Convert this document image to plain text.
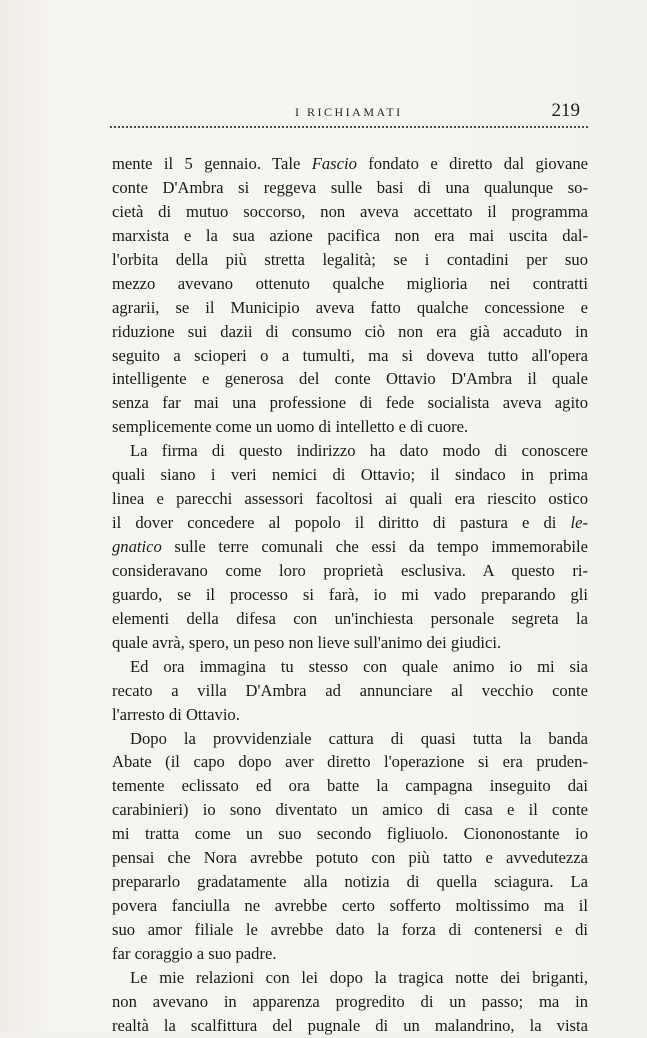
I RICHIAMATI	219
mente il 5 gennaio. Tale Fascio fondato e diretto dal giovane
conte D'Ambra si reggeva sulle basi di una qualunque so-
cietà di mutuo soccorso, non aveva accettato il programma
marxista e la sua azione pacifica non era mai uscita dal-
l'orbita della più stretta legalità; se i contadini per suo
mezzo avevano ottenuto qualche miglioria nei contratti
agrarii, se il Municipio aveva fatto qualche concessione e
riduzione sui dazii di consumo ciò non era già accaduto in
seguito a scioperi o a tumulti, ma si doveva tutto all'opera
intelligente e generosa del conte Ottavio D'Ambra il quale
senza far mai una professione di fede socialista aveva agito
semplicemente come un uomo di intelletto e di cuore.
La firma di questo indirizzo ha dato modo di conoscere
quali siano i veri nemici di Ottavio; il sindaco in prima
linea e parecchi assessori facoltosi ai quali era riescito ostico
il dover concedere al popolo il diritto di pastura e di le-
gnatico sulle terre comunali che essi da tempo immemorabile
consideravano come loro proprietà esclusiva. A questo ri-
guardo, se il processo si farà, io mi vado preparando gli
elementi della difesa con un'inchiesta personale segreta la
quale avrà, spero, un peso non lieve sull'animo dei giudici.
Ed ora immagina tu stesso con quale animo io mi sia
recato a villa D'Ambra ad annunciare al vecchio conte
l'arresto di Ottavio.
Dopo la provvidenziale cattura di quasi tutta la banda
Abate (il capo dopo aver diretto l'operazione si era pruden-
temente eclissato ed ora batte la campagna inseguito dai
carabinieri) io sono diventato un amico di casa e il conte
mi tratta come un suo secondo figliuolo. Ciononostante io
pensai che Nora avrebbe potuto con più tatto e avvedutezza
prepararlo gradatamente alla notizia di quella sciagura. La
povera fanciulla ne avrebbe certo sofferto moltissimo ma il
suo amor filiale le avrebbe dato la forza di contenersi e di
far coraggio a suo padre.
Le mie relazioni con lei dopo la tragica notte dei briganti,
non avevano in apparenza progredito di un passo; ma in
realtà la scalfittura del pugnale di un malandrino, la vista
